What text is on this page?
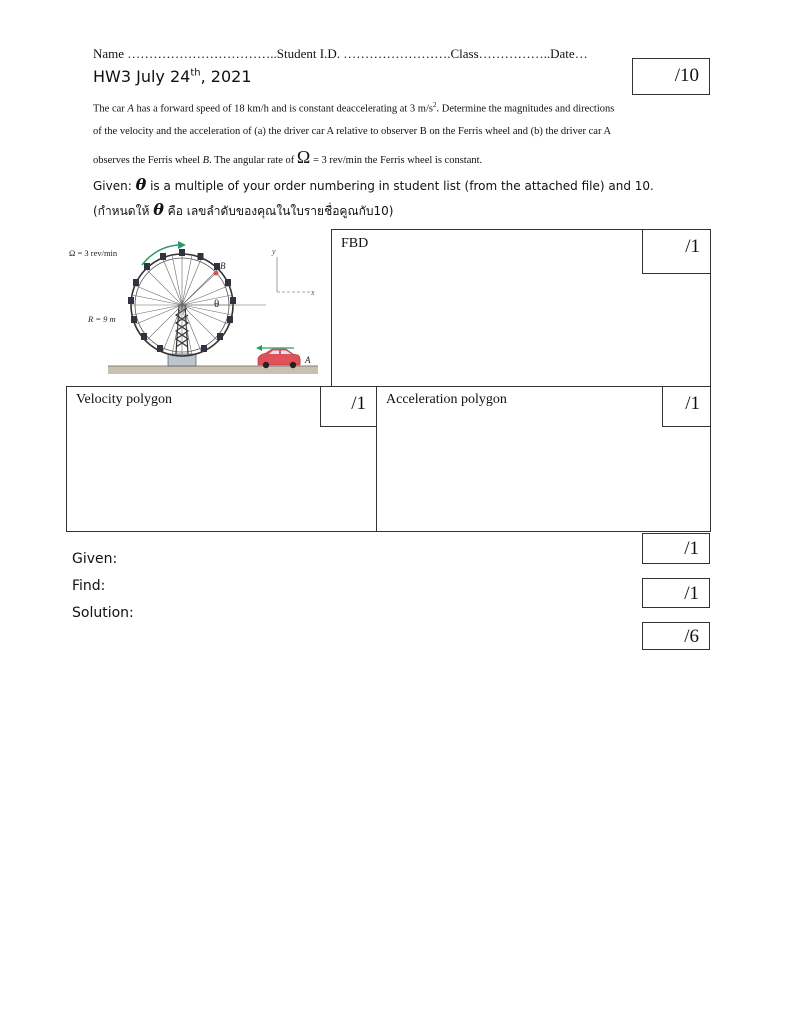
Name ……………………………..Student I.D. …………………….Class……………..Date…
HW3 July 24th, 2021	/10
The car A has a forward speed of 18 km/h and is constant deaccelerating at 3 $m/s^2$. Determine the magnitudes and directions
of the velocity and the acceleration of (a) the driver car A relative to observer B on the Ferris wheel and (b) the driver car A
observes the Ferris wheel B. The angular rate of Ω = 3 rev/min the Ferris wheel is constant.
Given: θ is a multiple of your order numbering in student list (from the attached file) and 10.
(กำหนดให้ θ คือ เลขลำดับของคุณในใบรายชื่อคูณกับ10)
B
θ
Ω = 3 rev/min
R = 9 m
y
x
A
FBD	/1
Velocity polygon	/1	Acceleration polygon	/1
/1
Given:
/1
Find:
Solution:
/6
